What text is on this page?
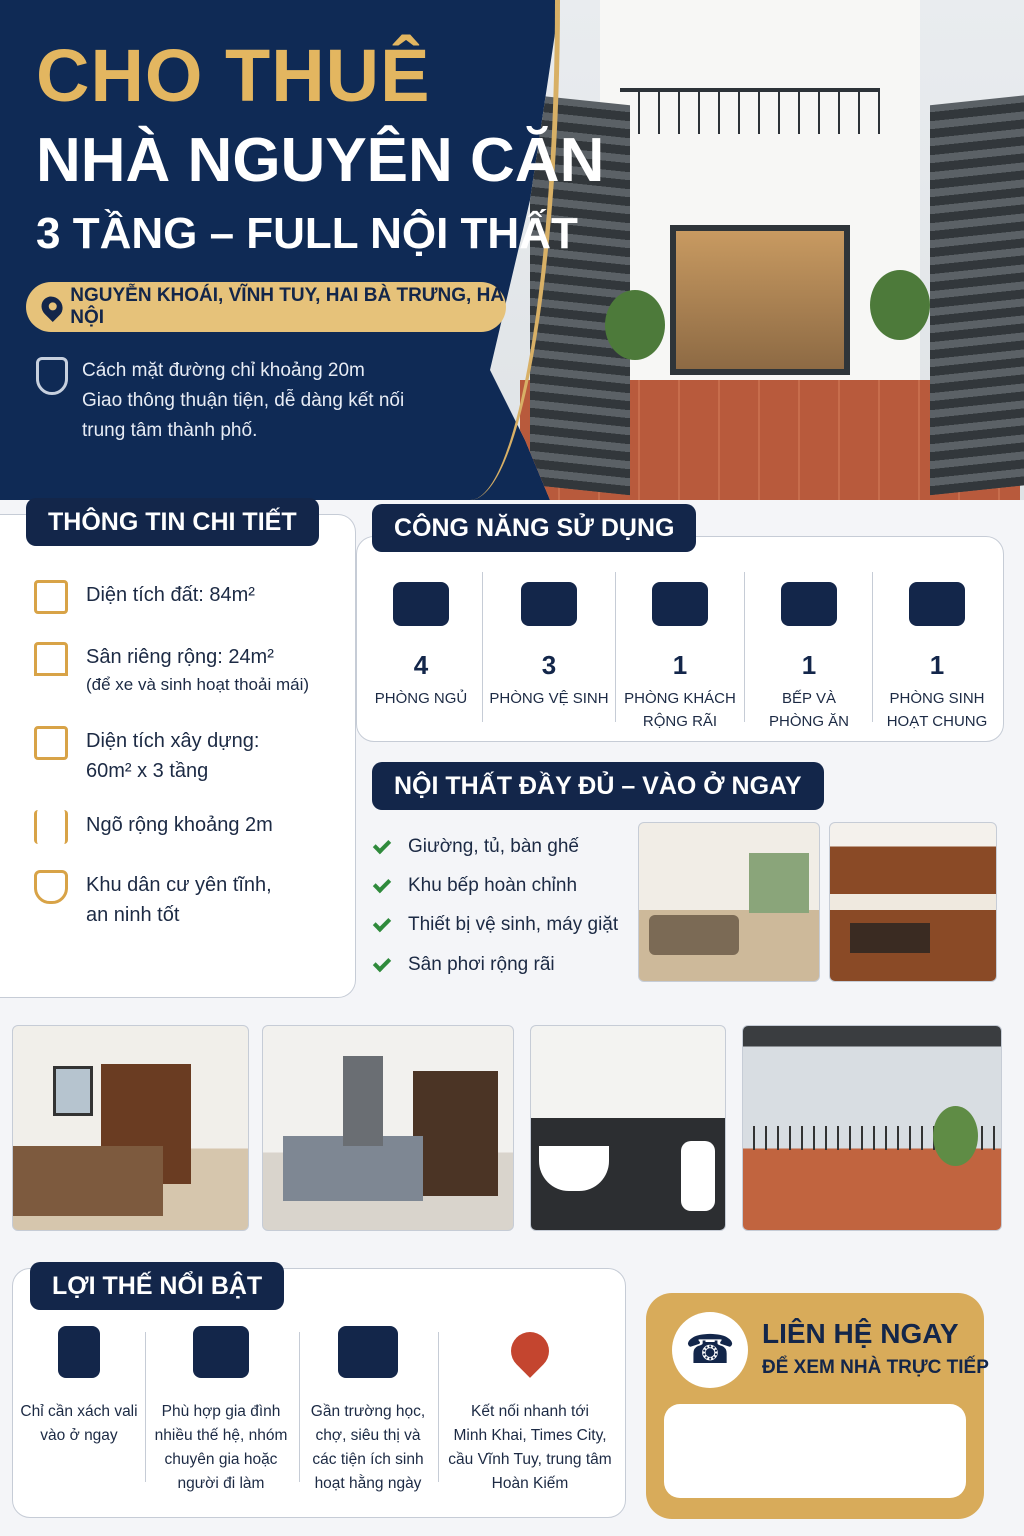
CHO THUÊ
NHÀ NGUYÊN CĂN
3 TẦNG – FULL NỘI THẤT
NGUYỄN KHOÁI, VĨNH TUY, HAI BÀ TRƯNG, HÀ NỘI
Cách mặt đường chỉ khoảng 20m
Giao thông thuận tiện, dễ dàng kết nối
trung tâm thành phố.
THÔNG TIN CHI TIẾT
Diện tích đất: 84m²
Sân riêng rộng: 24m²
(để xe và sinh hoạt thoải mái)
Diện tích xây dựng:
60m² x 3 tầng
Ngõ rộng khoảng 2m
Khu dân cư yên tĩnh,
an ninh tốt
CÔNG NĂNG SỬ DỤNG
4
PHÒNG NGỦ
3
PHÒNG VỆ SINH
1
PHÒNG KHÁCH
RỘNG RÃI
1
BẾP VÀ
PHÒNG ĂN
1
PHÒNG SINH
HOẠT CHUNG
NỘI THẤT ĐẦY ĐỦ – VÀO Ở NGAY
Giường, tủ, bàn ghế
Khu bếp hoàn chỉnh
Thiết bị vệ sinh, máy giặt
Sân phơi rộng rãi
LỢI THẾ NỔI BẬT
Chỉ cần xách vali
vào ở ngay
Phù hợp gia đình
nhiều thế hệ, nhóm
chuyên gia hoặc
người đi làm
Gần trường học,
chợ, siêu thị và
các tiện ích sinh
hoạt hằng ngày
Kết nối nhanh tới
Minh Khai, Times City,
cầu Vĩnh Tuy, trung tâm
Hoàn Kiếm
☎ LIÊN HỆ NGAY
ĐỂ XEM NHÀ TRỰC TIẾP
